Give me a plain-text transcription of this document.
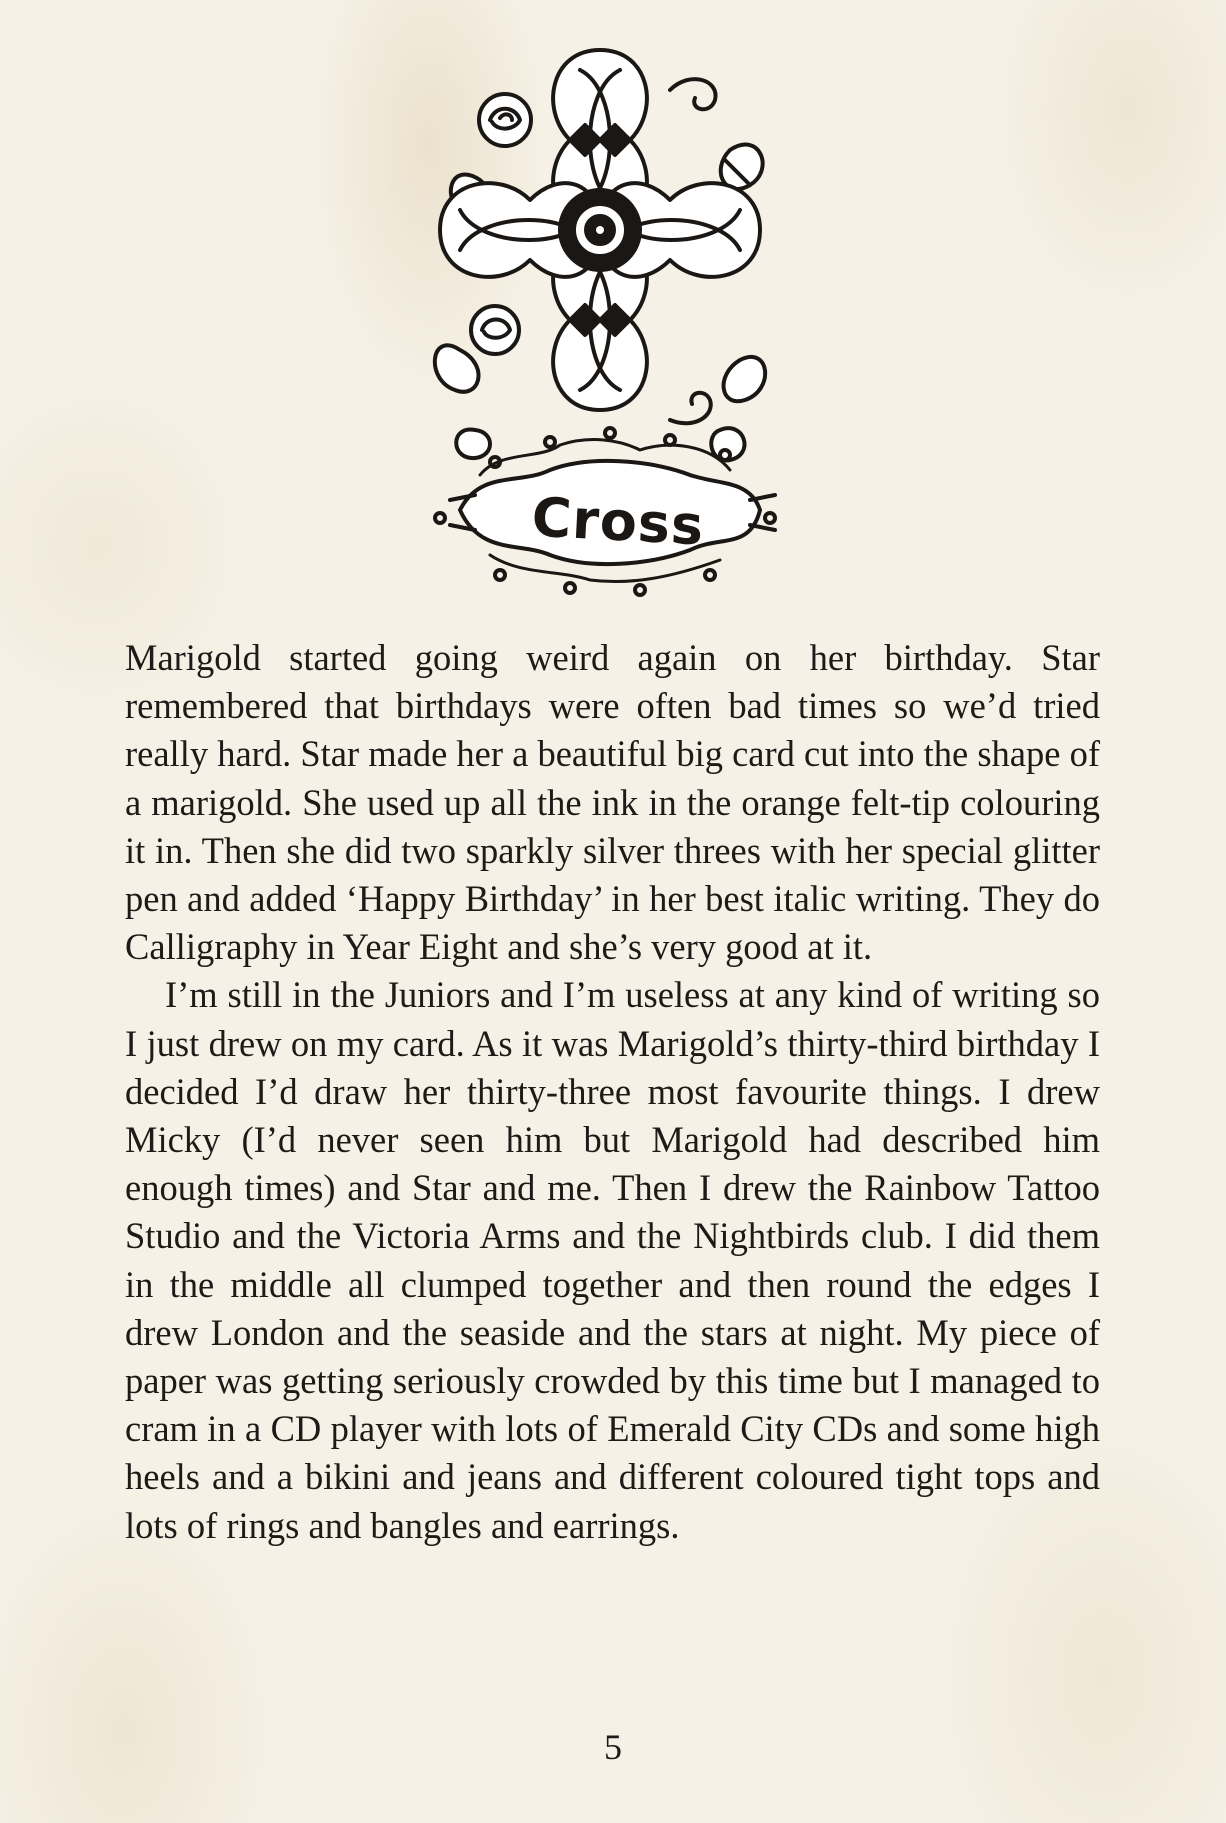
Cross

Marigold started going weird again on her birthday. Star remembered that birthdays were often bad times so we’d tried really hard. Star made her a beautiful big card cut into the shape of a marigold. She used up all the ink in the orange felt-tip colouring it in. Then she did two sparkly silver threes with her special glitter pen and added ‘Happy Birthday’ in her best italic writing. They do Calligraphy in Year Eight and she’s very good at it.

I’m still in the Juniors and I’m useless at any kind of writing so I just drew on my card. As it was Marigold’s thirty-third birthday I decided I’d draw her thirty-three most favourite things. I drew Micky (I’d never seen him but Marigold had described him enough times) and Star and me. Then I drew the Rainbow Tattoo Studio and the Victoria Arms and the Nightbirds club. I did them in the middle all clumped together and then round the edges I drew London and the seaside and the stars at night. My piece of paper was getting seriously crowded by this time but I managed to cram in a CD player with lots of Emerald City CDs and some high heels and a bikini and jeans and different coloured tight tops and lots of rings and bangles and earrings.

5
